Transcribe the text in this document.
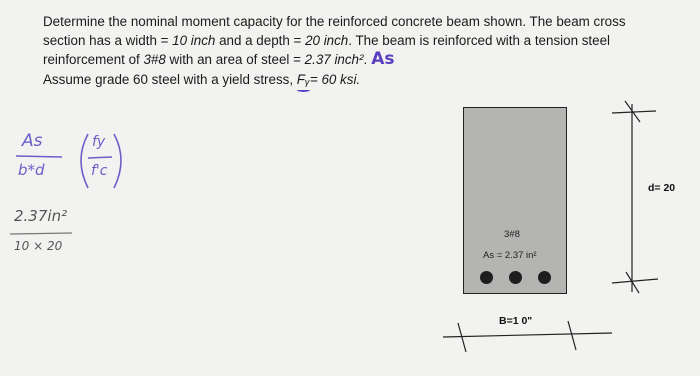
Determine the nominal moment capacity for the reinforced concrete beam shown. The beam cross
section has a width = 10 inch and a depth = 20 inch. The beam is reinforced with a tension steel
reinforcement of 3#8 with an area of steel = 2.37 inch². As
Assume grade 60 steel with a yield stress, Fᵧ= 60 ksi.
As
b*d
fy
f'c
2.37in²
10 × 20
3#8
As = 2.37 in²
d= 20
B=1 0"
